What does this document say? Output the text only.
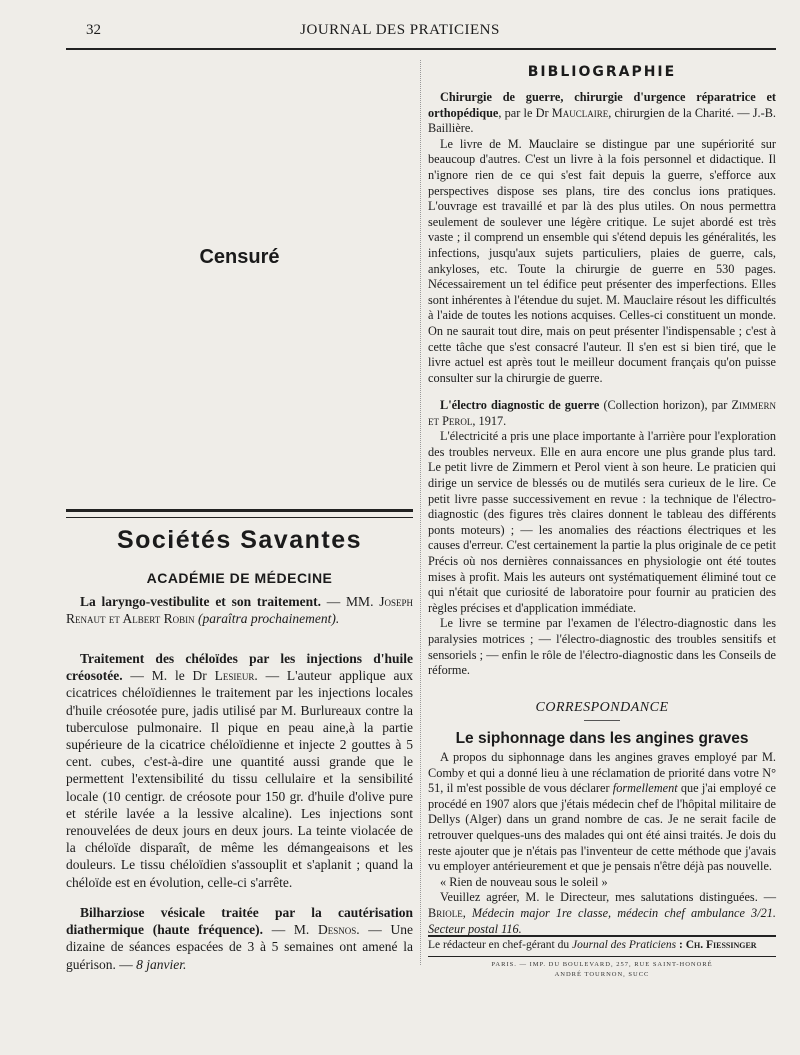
32	JOURNAL DES PRATICIENS
Censuré
Sociétés Savantes
ACADÉMIE DE MÉDECINE

La laryngo-vestibulite et son traitement. — MM. Joseph Renaut et Albert Robin (paraîtra prochainement).

Traitement des chéloïdes par les injections d'huile créosotée. — M. le Dr Lesieur. — L'auteur applique aux cicatrices chéloïdiennes le traitement par les injections locales d'huile créosotée pure, jadis utilisé par M. Burlureaux contre la tuberculose pulmonaire. Il pique en peau aine,à la partie supérieure de la cicatrice chéloïdienne et injecte 2 gouttes à 5 cent. cubes, c'est-à-dire une quantité aussi grande que le permettent l'extensibilité du tissu cellulaire et la sensibilité locale (10 centigr. de créosote pour 150 gr. d'huile d'olive pure et stérile lavée a la lessive alcaline). Les injections sont renouvelées de deux jours en deux jours. La teinte violacée de la chéloïde disparaît, de même les démangeaisons et les douleurs. Le tissu chéloïdien s'assouplit et s'aplanit ; quand la chéloïde est en évolution, celle-ci s'arrête.

Bilharziose vésicale traitée par la cautérisation diathermique (haute fréquence). — M. Desnos. — Une dizaine de séances espacées de 3 à 5 semaines ont amené la guérison. — 8 janvier.

BIBLIOGRAPHIE

Chirurgie de guerre, chirurgie d'urgence réparatrice et orthopédique, par le Dr Mauclaire, chirurgien de la Charité. — J.-B. Baillière.

Le livre de M. Mauclaire se distingue par une supériorité sur beaucoup d'autres. C'est un livre à la fois personnel et didactique. Il n'ignore rien de ce qui s'est fait depuis la guerre, s'efforce aux perspectives dispose ses plans, tire des conclus ions pratiques. L'ouvrage est travaillé et par là des plus utiles. On nous permettra seulement de soulever une légère critique. Le sujet abordé est très vaste ; il comprend un ensemble qui s'étend depuis les généralités, les infections, jusqu'aux sujets particuliers, plaies de guerre, cals, ankyloses, etc. Toute la chirurgie de guerre en 530 pages. Nécessairement un tel édifice peut présenter des imperfections. Elles sont inhérentes à l'étendue du sujet. M. Mauclaire résout les difficultés à l'aide de toutes les notions acquises. Celles-ci constituent un monde. On ne saurait tout dire, mais on peut présenter l'indispensable ; c'est à cette tâche que s'est consacré l'auteur. Il s'en est si bien tiré, que le livre actuel est après tout le meilleur document français qu'on puisse consulter sur la chirurgie de guerre.

L'électro diagnostic de guerre (Collection horizon), par Zimmern et Perol, 1917.

L'électricité a pris une place importante à l'arrière pour l'exploration des troubles nerveux. Elle en aura encore une plus grande plus tard. Le petit livre de Zimmern et Perol vient à son heure. Le praticien qui dirige un service de blessés ou de mutilés sera curieux de le lire. Ce petit livre passe successivement en revue : la technique de l'électro-diagnostic (des figures très claires donnent le tableau des différents ponts moteurs) ; — les anomalies des réactions électriques et les causes d'erreur. C'est certainement la partie la plus originale de ce petit Précis où nos dernières connaissances en physiologie ont été toutes mises à profit. Mais les auteurs ont systématiquement éliminé tout ce qui n'était que curiosité de laboratoire pour fournir au praticien des règles précises et d'application immédiate.

Le livre se termine par l'examen de l'électro-diagnostic dans les paralysies motrices ; — l'électro-diagnostic des troubles sensitifs et sensoriels ; — enfin le rôle de l'électro-diagnostic dans les Conseils de réforme.

CORRESPONDANCE
Le siphonnage dans les angines graves

A propos du siphonnage dans les angines graves employé par M. Comby et qui a donné lieu à une réclamation de priorité dans votre N° 51, il m'est possible de vous déclarer formellement que j'ai employé ce procédé en 1907 alors que j'étais médecin chef de l'hôpital militaire de Dellys (Alger) dans un grand nombre de cas. Je ne serait facile de retrouver quelques-uns des malades qui ont été ainsi traités. Je dois du reste ajouter que je n'étais pas l'inventeur de cette méthode que j'avais vu employer antérieurement et que je pensais n'être déjà pas nouvelle.

« Rien de nouveau sous le soleil »

Veuillez agréer, M. le Directeur, mes salutations distinguées. — Briole, Médecin major 1re classe, médecin chef ambulance 3/21. Secteur postal 116.

Le rédacteur en chef-gérant du Journal des Praticiens : Ch. Fiessinger
PARIS. — IMP. DU BOULEVARD, 257, RUE SAINT-HONORÉ
ANDRÉ TOURNON, SUCC
